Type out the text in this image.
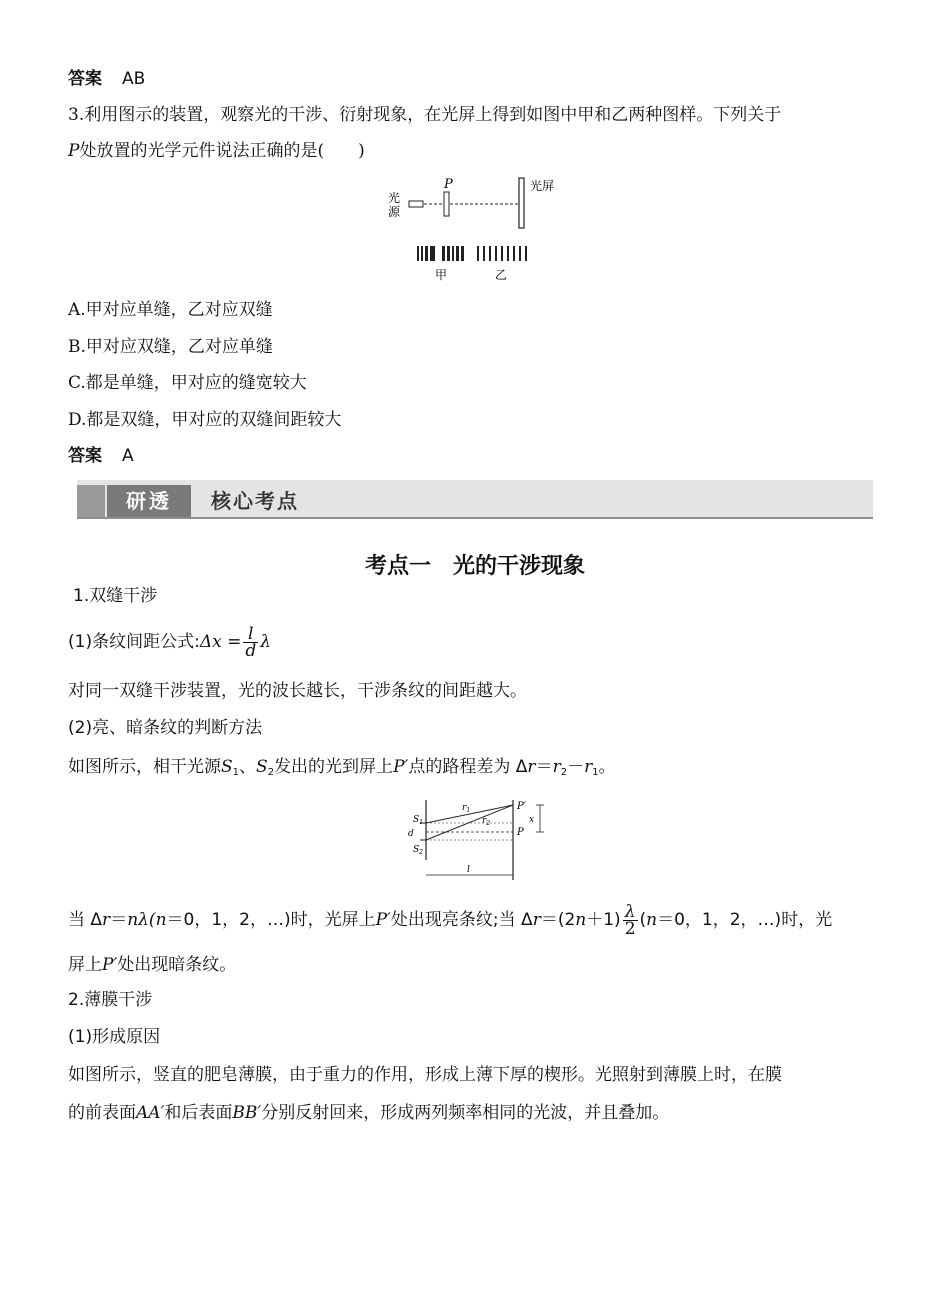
答案 AB
3.利用图示的装置，观察光的干涉、衍射现象，在光屏上得到如图中甲和乙两种图样。下列关于
P处放置的光学元件说法正确的是(　　)
光
源
P	光屏
甲	乙
A.甲对应单缝，乙对应双缝
B.甲对应双缝，乙对应单缝
C.都是单缝，甲对应的缝宽较大
D.都是双缝，甲对应的双缝间距较大
答案 A
研透	核心考点
考点一　光的干涉现象
1.双缝干涉
(1)条纹间距公式:Δx = $\frac{l}{d}$ λ
对同一双缝干涉装置，光的波长越长，干涉条纹的间距越大。
(2)亮、暗条纹的判断方法
如图所示，相干光源$S_1$、$S_2$发出的光到屏上P′点的路程差为 $\Delta r=r_2-r_1$。
$S_1$
$S_2$
d
$r_1$
$r_2$
P′
P
x
l
当 Δr＝nλ(n＝0，1，2，…)时，光屏上P′处出现亮条纹;当 $\Delta r=(2n+1) \frac{\lambda}{2} (n=0$，1，2，…)时，光
屏上P′处出现暗条纹。
2.薄膜干涉
(1)形成原因
如图所示，竖直的肥皂薄膜，由于重力的作用，形成上薄下厚的楔形。光照射到薄膜上时，在膜
的前表面AA′和后表面BB′分别反射回来，形成两列频率相同的光波，并且叠加。
